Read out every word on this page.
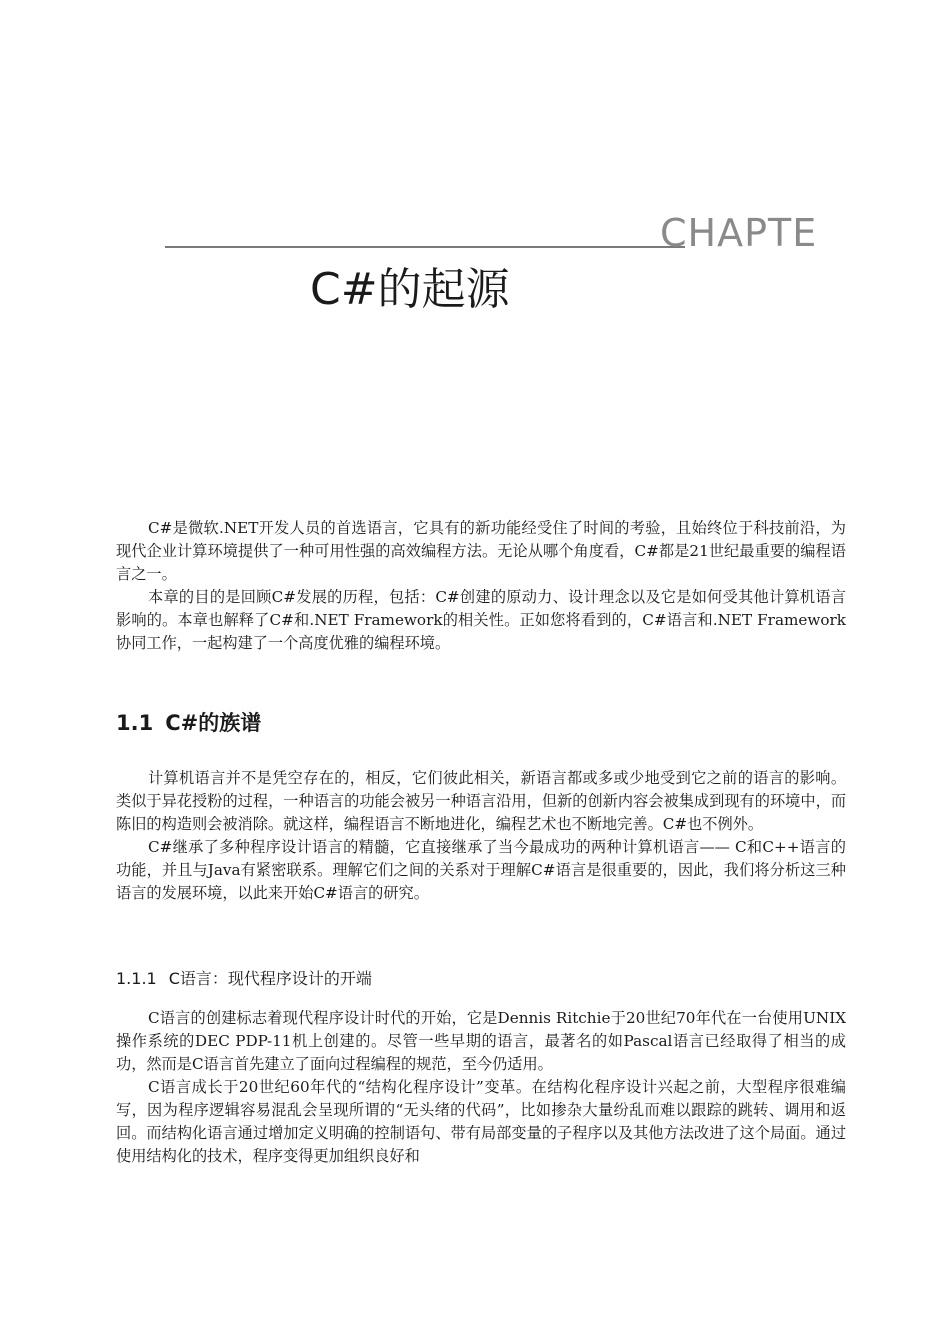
CHAPTE
C#的起源

C#是微软.NET开发人员的首选语言，它具有的新功能经受住了时间的考验，且始终位于科技前沿，为现代企业计算环境提供了一种可用性强的高效编程方法。无论从哪个角度看，C#都是21世纪最重要的编程语言之一。

本章的目的是回顾C#发展的历程，包括：C#创建的原动力、设计理念以及它是如何受其他计算机语言影响的。本章也解释了C#和.NET Framework的相关性。正如您将看到的，C#语言和.NET Framework协同工作，一起构建了一个高度优雅的编程环境。

1.1 C#的族谱

计算机语言并不是凭空存在的，相反，它们彼此相关，新语言都或多或少地受到它之前的语言的影响。类似于异花授粉的过程，一种语言的功能会被另一种语言沿用，但新的创新内容会被集成到现有的环境中，而陈旧的构造则会被消除。就这样，编程语言不断地进化，编程艺术也不断地完善。C#也不例外。

C#继承了多种程序设计语言的精髓，它直接继承了当今最成功的两种计算机语言—— C和C++语言的功能，并且与Java有紧密联系。理解它们之间的关系对于理解C#语言是很重要的，因此，我们将分析这三种语言的发展环境，以此来开始C#语言的研究。

1.1.1 C语言：现代程序设计的开端

C语言的创建标志着现代程序设计时代的开始，它是Dennis Ritchie于20世纪70年代在一台使用UNIX操作系统的DEC PDP-11机上创建的。尽管一些早期的语言，最著名的如Pascal语言已经取得了相当的成功，然而是C语言首先建立了面向过程编程的规范，至今仍适用。

C语言成长于20世纪60年代的“结构化程序设计”变革。在结构化程序设计兴起之前，大型程序很难编写，因为程序逻辑容易混乱会呈现所谓的“无头绪的代码”，比如掺杂大量纷乱而难以跟踪的跳转、调用和返回。而结构化语言通过增加定义明确的控制语句、带有局部变量的子程序以及其他方法改进了这个局面。通过使用结构化的技术，程序变得更加组织良好和
